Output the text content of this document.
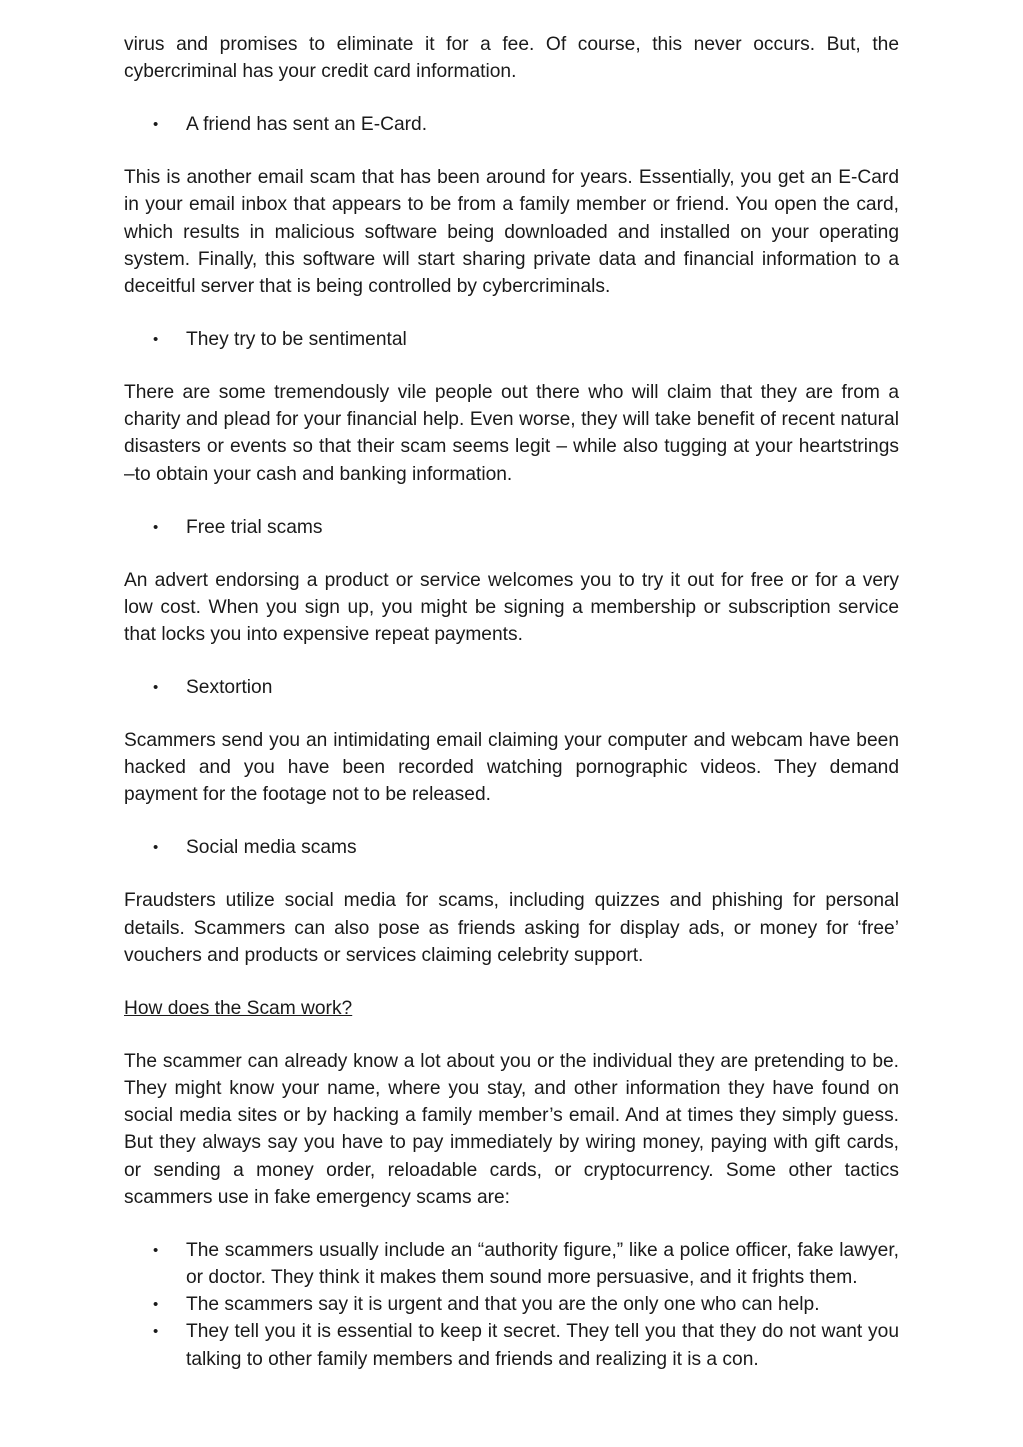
virus and promises to eliminate it for a fee. Of course, this never occurs. But, the cybercriminal has your credit card information.

• A friend has sent an E-Card.

This is another email scam that has been around for years. Essentially, you get an E-Card in your email inbox that appears to be from a family member or friend. You open the card, which results in malicious software being downloaded and installed on your operating system. Finally, this software will start sharing private data and financial information to a deceitful server that is being controlled by cybercriminals.

• They try to be sentimental

There are some tremendously vile people out there who will claim that they are from a charity and plead for your financial help. Even worse, they will take benefit of recent natural disasters or events so that their scam seems legit – while also tugging at your heartstrings –to obtain your cash and banking information.

• Free trial scams

An advert endorsing a product or service welcomes you to try it out for free or for a very low cost. When you sign up, you might be signing a membership or subscription service that locks you into expensive repeat payments.

• Sextortion

Scammers send you an intimidating email claiming your computer and webcam have been hacked and you have been recorded watching pornographic videos. They demand payment for the footage not to be released.

• Social media scams

Fraudsters utilize social media for scams, including quizzes and phishing for personal details. Scammers can also pose as friends asking for display ads, or money for ‘free’ vouchers and products or services claiming celebrity support.

How does the Scam work?

The scammer can already know a lot about you or the individual they are pretending to be. They might know your name, where you stay, and other information they have found on social media sites or by hacking a family member’s email. And at times they simply guess. But they always say you have to pay immediately by wiring money, paying with gift cards, or sending a money order, reloadable cards, or cryptocurrency. Some other tactics scammers use in fake emergency scams are:

• The scammers usually include an “authority figure,” like a police officer, fake lawyer, or doctor. They think it makes them sound more persuasive, and it frights them.
• The scammers say it is urgent and that you are the only one who can help.
• They tell you it is essential to keep it secret. They tell you that they do not want you talking to other family members and friends and realizing it is a con.
